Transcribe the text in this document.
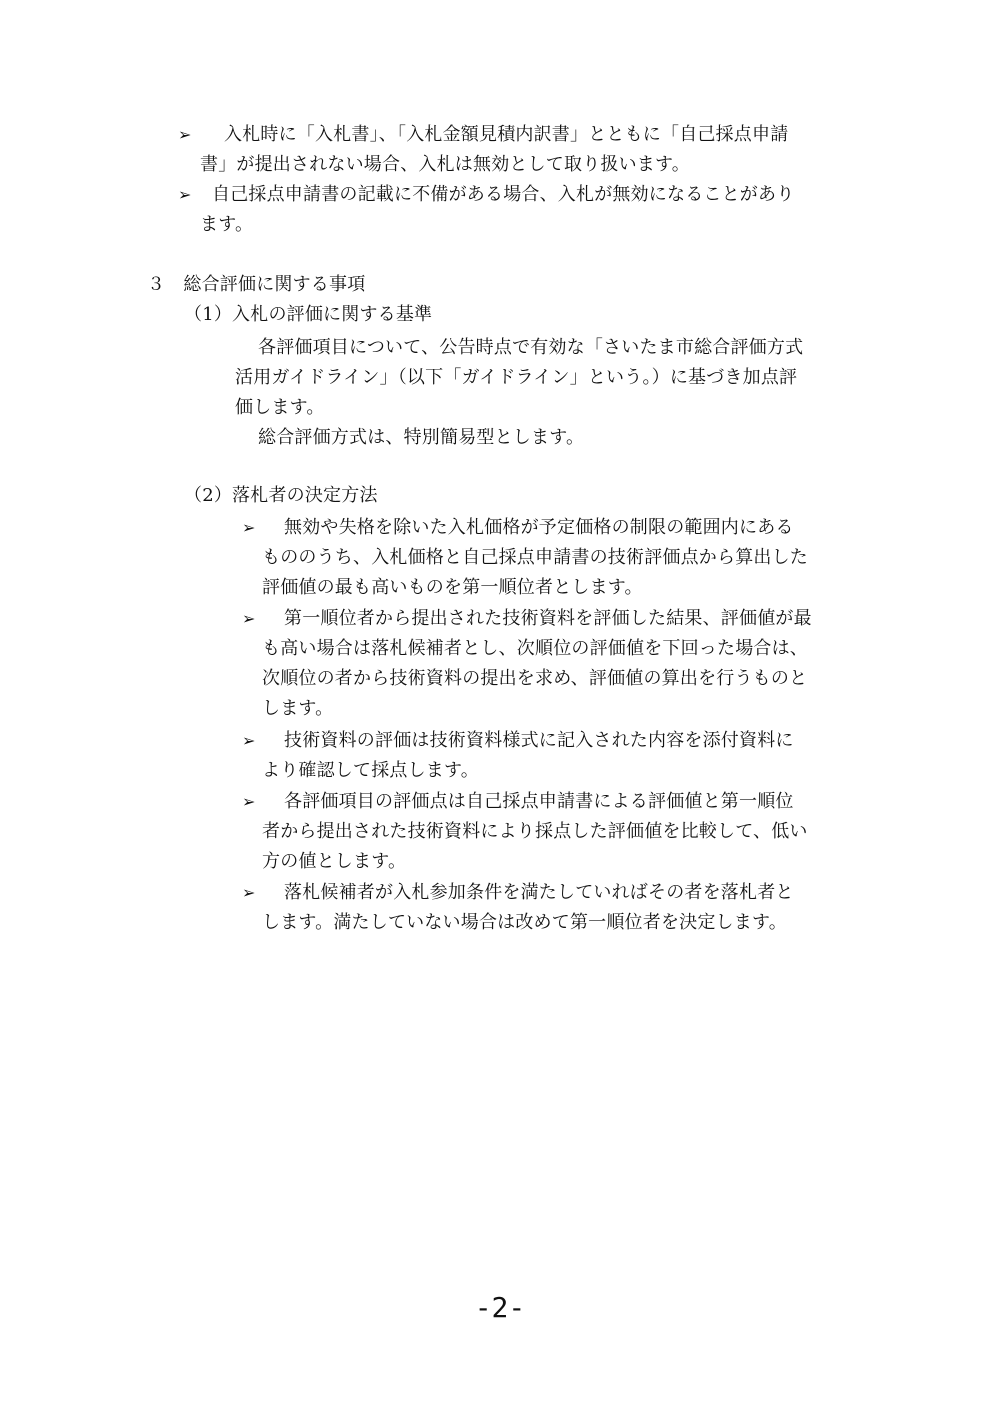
➢ 入札時に「入札書」、「入札金額見積内訳書」とともに「自己採点申請
書」が提出されない場合、入札は無効として取り扱います。
➢ 自己採点申請書の記載に不備がある場合、入札が無効になることがあり
ます。
３　総合評価に関する事項
（1）入札の評価に関する基準
各評価項目について、公告時点で有効な「さいたま市総合評価方式
活用ガイドライン」（以下「ガイドライン」という。）に基づき加点評
価します。
総合評価方式は、特別簡易型とします。
（2）落札者の決定方法
➢ 無効や失格を除いた入札価格が予定価格の制限の範囲内にある
もののうち、入札価格と自己採点申請書の技術評価点から算出した
評価値の最も高いものを第一順位者とします。
➢ 第一順位者から提出された技術資料を評価した結果、評価値が最
も高い場合は落札候補者とし、次順位の評価値を下回った場合は、
次順位の者から技術資料の提出を求め、評価値の算出を行うものと
します。
➢ 技術資料の評価は技術資料様式に記入された内容を添付資料に
より確認して採点します。
➢ 各評価項目の評価点は自己採点申請書による評価値と第一順位
者から提出された技術資料により採点した評価値を比較して、低い
方の値とします。
➢ 落札候補者が入札参加条件を満たしていればその者を落札者と
します。満たしていない場合は改めて第一順位者を決定します。
-2-
